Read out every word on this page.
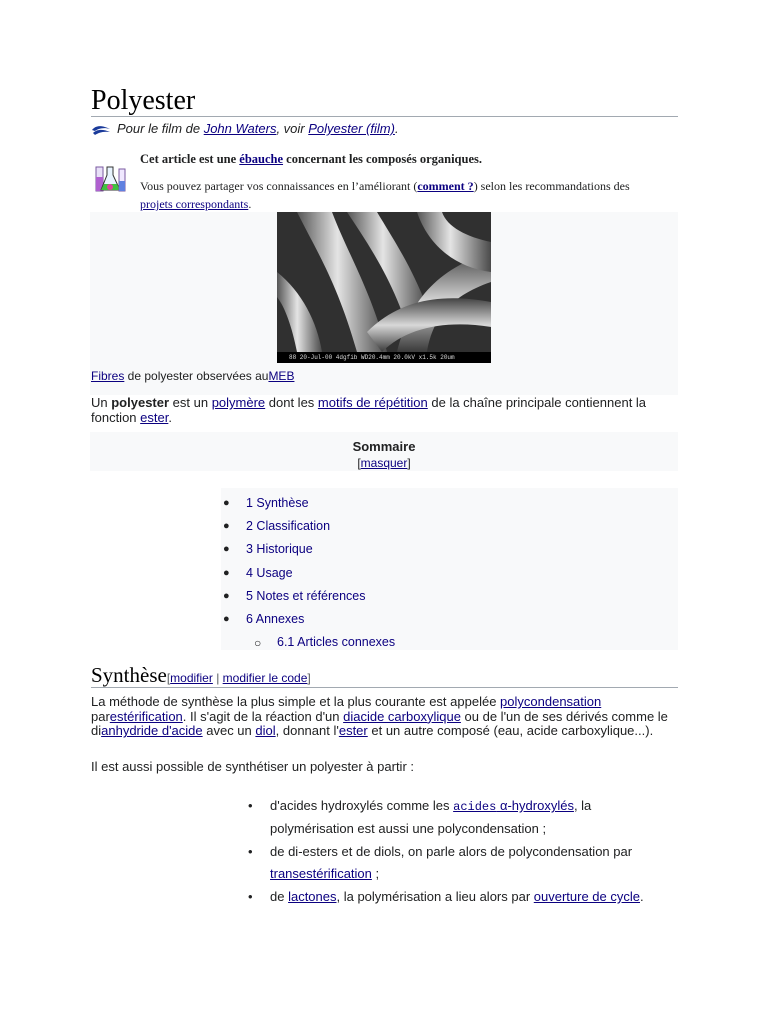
Polyester
Pour le film de John Waters, voir Polyester (film).
Cet article est une ébauche concernant les composés organiques.
Vous pouvez partager vos connaissances en l’améliorant (comment ?) selon les recommandations des projets correspondants.
88 20-Jul-00 4dgfib WD20.4mm 20.0kV x1.5k 20um
Fibres de polyester observées auMEB
Un polyester est un polymère dont les motifs de répétition de la chaîne principale contiennent la fonction ester.
Sommaire
[masquer]
● 1 Synthèse
● 2 Classification
● 3 Historique
● 4 Usage
● 5 Notes et références
● 6 Annexes
○ 6.1 Articles connexes
Synthèse[modifier | modifier le code]
La méthode de synthèse la plus simple et la plus courante est appelée polycondensation parestérification. Il s'agit de la réaction d'un diacide carboxylique ou de l'un de ses dérivés comme le dianhydride d'acide avec un diol, donnant l'ester et un autre composé (eau, acide carboxylique...).
Il est aussi possible de synthétiser un polyester à partir :
• d'acides hydroxylés comme les acides α-hydroxylés, la polymérisation est aussi une polycondensation ;
• de di-esters et de diols, on parle alors de polycondensation par transestérification ;
• de lactones, la polymérisation a lieu alors par ouverture de cycle.
